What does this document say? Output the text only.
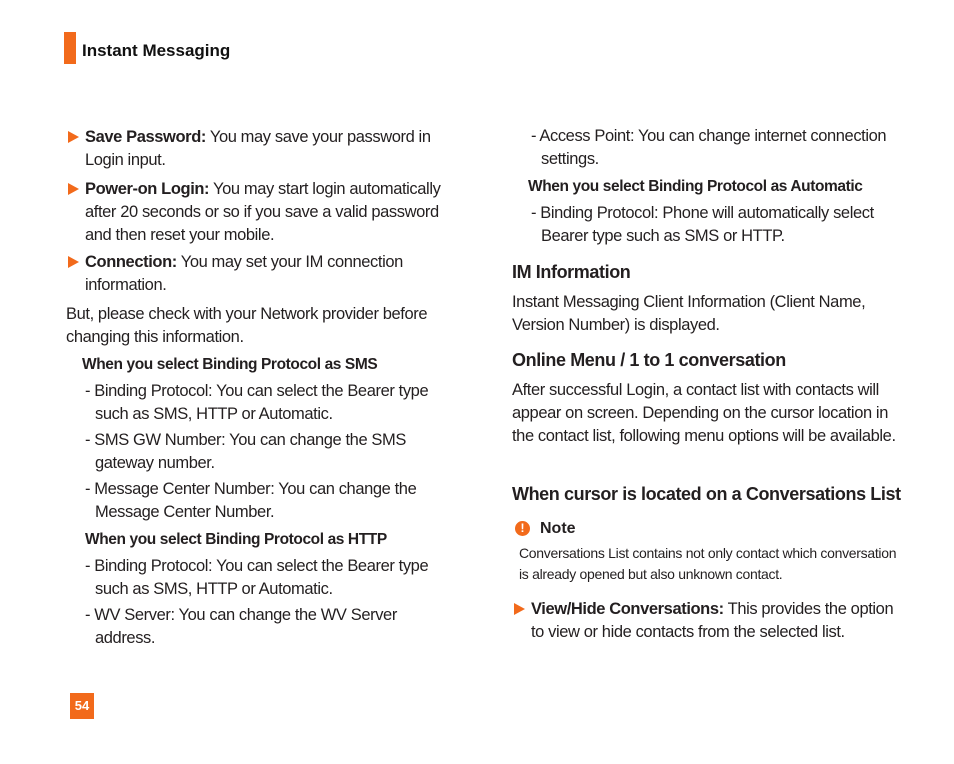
Instant Messaging
Save Password: You may save your password in Login input.
Power-on Login: You may start login automatically after 20 seconds or so if you save a valid password and then reset your mobile.
Connection: You may set your IM connection information.
But, please check with your Network provider before changing this information.
When you select Binding Protocol as SMS
- Binding Protocol: You can select the Bearer type such as SMS, HTTP or Automatic.
- SMS GW Number: You can change the SMS gateway number.
- Message Center Number: You can change the Message Center Number.
When you select Binding Protocol as HTTP
- Binding Protocol: You can select the Bearer type such as SMS, HTTP or Automatic.
- WV Server: You can change the WV Server address.
- Access Point: You can change internet connection settings.
When you select Binding Protocol as Automatic
- Binding Protocol: Phone will automatically select Bearer type such as SMS or HTTP.
IM Information
Instant Messaging Client Information (Client Name, Version Number) is displayed.
Online Menu / 1 to 1 conversation
After successful Login, a contact list with contacts will appear on screen. Depending on the cursor location in the contact list, following menu options will be available.
When cursor is located on a Conversations List
! Note
Conversations List contains not only contact which conversation is already opened but also unknown contact.
View/Hide Conversations: This provides the option to view or hide contacts from the selected list.
54
